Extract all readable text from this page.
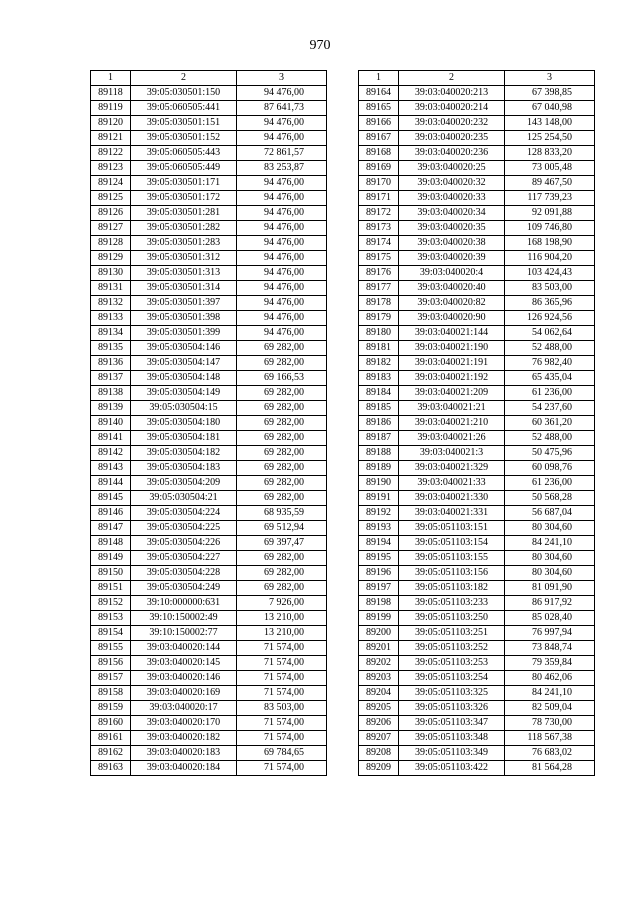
970
1	2	3
89118	39:05:030501:150	94 476,00
89119	39:05:060505:441	87 641,73
89120	39:05:030501:151	94 476,00
89121	39:05:030501:152	94 476,00
89122	39:05:060505:443	72 861,57
89123	39:05:060505:449	83 253,87
89124	39:05:030501:171	94 476,00
89125	39:05:030501:172	94 476,00
89126	39:05:030501:281	94 476,00
89127	39:05:030501:282	94 476,00
89128	39:05:030501:283	94 476,00
89129	39:05:030501:312	94 476,00
89130	39:05:030501:313	94 476,00
89131	39:05:030501:314	94 476,00
89132	39:05:030501:397	94 476,00
89133	39:05:030501:398	94 476,00
89134	39:05:030501:399	94 476,00
89135	39:05:030504:146	69 282,00
89136	39:05:030504:147	69 282,00
89137	39:05:030504:148	69 166,53
89138	39:05:030504:149	69 282,00
89139	39:05:030504:15	69 282,00
89140	39:05:030504:180	69 282,00
89141	39:05:030504:181	69 282,00
89142	39:05:030504:182	69 282,00
89143	39:05:030504:183	69 282,00
89144	39:05:030504:209	69 282,00
89145	39:05:030504:21	69 282,00
89146	39:05:030504:224	68 935,59
89147	39:05:030504:225	69 512,94
89148	39:05:030504:226	69 397,47
89149	39:05:030504:227	69 282,00
89150	39:05:030504:228	69 282,00
89151	39:05:030504:249	69 282,00
89152	39:10:000000:631	7 926,00
89153	39:10:150002:49	13 210,00
89154	39:10:150002:77	13 210,00
89155	39:03:040020:144	71 574,00
89156	39:03:040020:145	71 574,00
89157	39:03:040020:146	71 574,00
89158	39:03:040020:169	71 574,00
89159	39:03:040020:17	83 503,00
89160	39:03:040020:170	71 574,00
89161	39:03:040020:182	71 574,00
89162	39:03:040020:183	69 784,65
89163	39:03:040020:184	71 574,00
1	2	3
89164	39:03:040020:213	67 398,85
89165	39:03:040020:214	67 040,98
89166	39:03:040020:232	143 148,00
89167	39:03:040020:235	125 254,50
89168	39:03:040020:236	128 833,20
89169	39:03:040020:25	73 005,48
89170	39:03:040020:32	89 467,50
89171	39:03:040020:33	117 739,23
89172	39:03:040020:34	92 091,88
89173	39:03:040020:35	109 746,80
89174	39:03:040020:38	168 198,90
89175	39:03:040020:39	116 904,20
89176	39:03:040020:4	103 424,43
89177	39:03:040020:40	83 503,00
89178	39:03:040020:82	86 365,96
89179	39:03:040020:90	126 924,56
89180	39:03:040021:144	54 062,64
89181	39:03:040021:190	52 488,00
89182	39:03:040021:191	76 982,40
89183	39:03:040021:192	65 435,04
89184	39:03:040021:209	61 236,00
89185	39:03:040021:21	54 237,60
89186	39:03:040021:210	60 361,20
89187	39:03:040021:26	52 488,00
89188	39:03:040021:3	50 475,96
89189	39:03:040021:329	60 098,76
89190	39:03:040021:33	61 236,00
89191	39:03:040021:330	50 568,28
89192	39:03:040021:331	56 687,04
89193	39:05:051103:151	80 304,60
89194	39:05:051103:154	84 241,10
89195	39:05:051103:155	80 304,60
89196	39:05:051103:156	80 304,60
89197	39:05:051103:182	81 091,90
89198	39:05:051103:233	86 917,92
89199	39:05:051103:250	85 028,40
89200	39:05:051103:251	76 997,94
89201	39:05:051103:252	73 848,74
89202	39:05:051103:253	79 359,84
89203	39:05:051103:254	80 462,06
89204	39:05:051103:325	84 241,10
89205	39:05:051103:326	82 509,04
89206	39:05:051103:347	78 730,00
89207	39:05:051103:348	118 567,38
89208	39:05:051103:349	76 683,02
89209	39:05:051103:422	81 564,28
